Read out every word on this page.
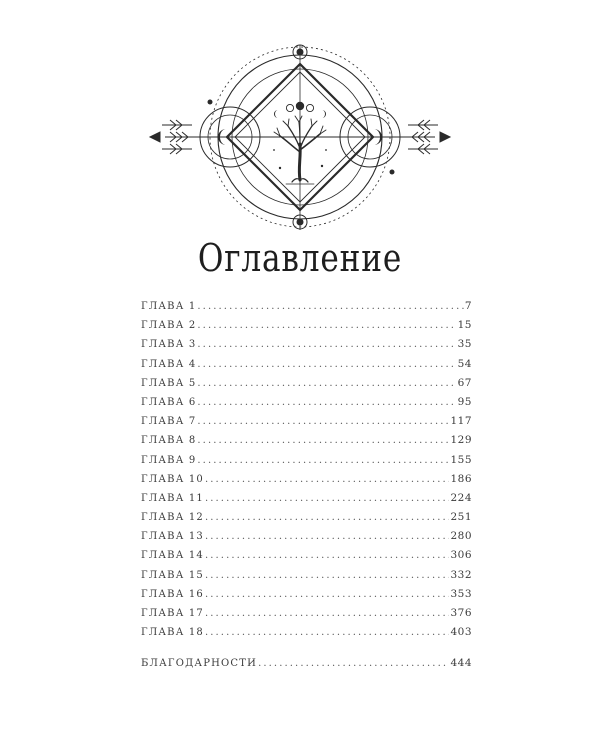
Оглавление
ГЛАВА 1 .....	7
ГЛАВА 2 .....	15
ГЛАВА 3 .....	35
ГЛАВА 4 .....	54
ГЛАВА 5 .....	67
ГЛАВА 6 .....	95
ГЛАВА 7 .....	117
ГЛАВА 8 .....	129
ГЛАВА 9 .....	155
ГЛАВА 10 .....	186
ГЛАВА 11 .....	224
ГЛАВА 12 .....	251
ГЛАВА 13 .....	280
ГЛАВА 14 .....	306
ГЛАВА 15 .....	332
ГЛАВА 16 .....	353
ГЛАВА 17 .....	376
ГЛАВА 18 .....	403
БЛАГОДАРНОСТИ .....	444
